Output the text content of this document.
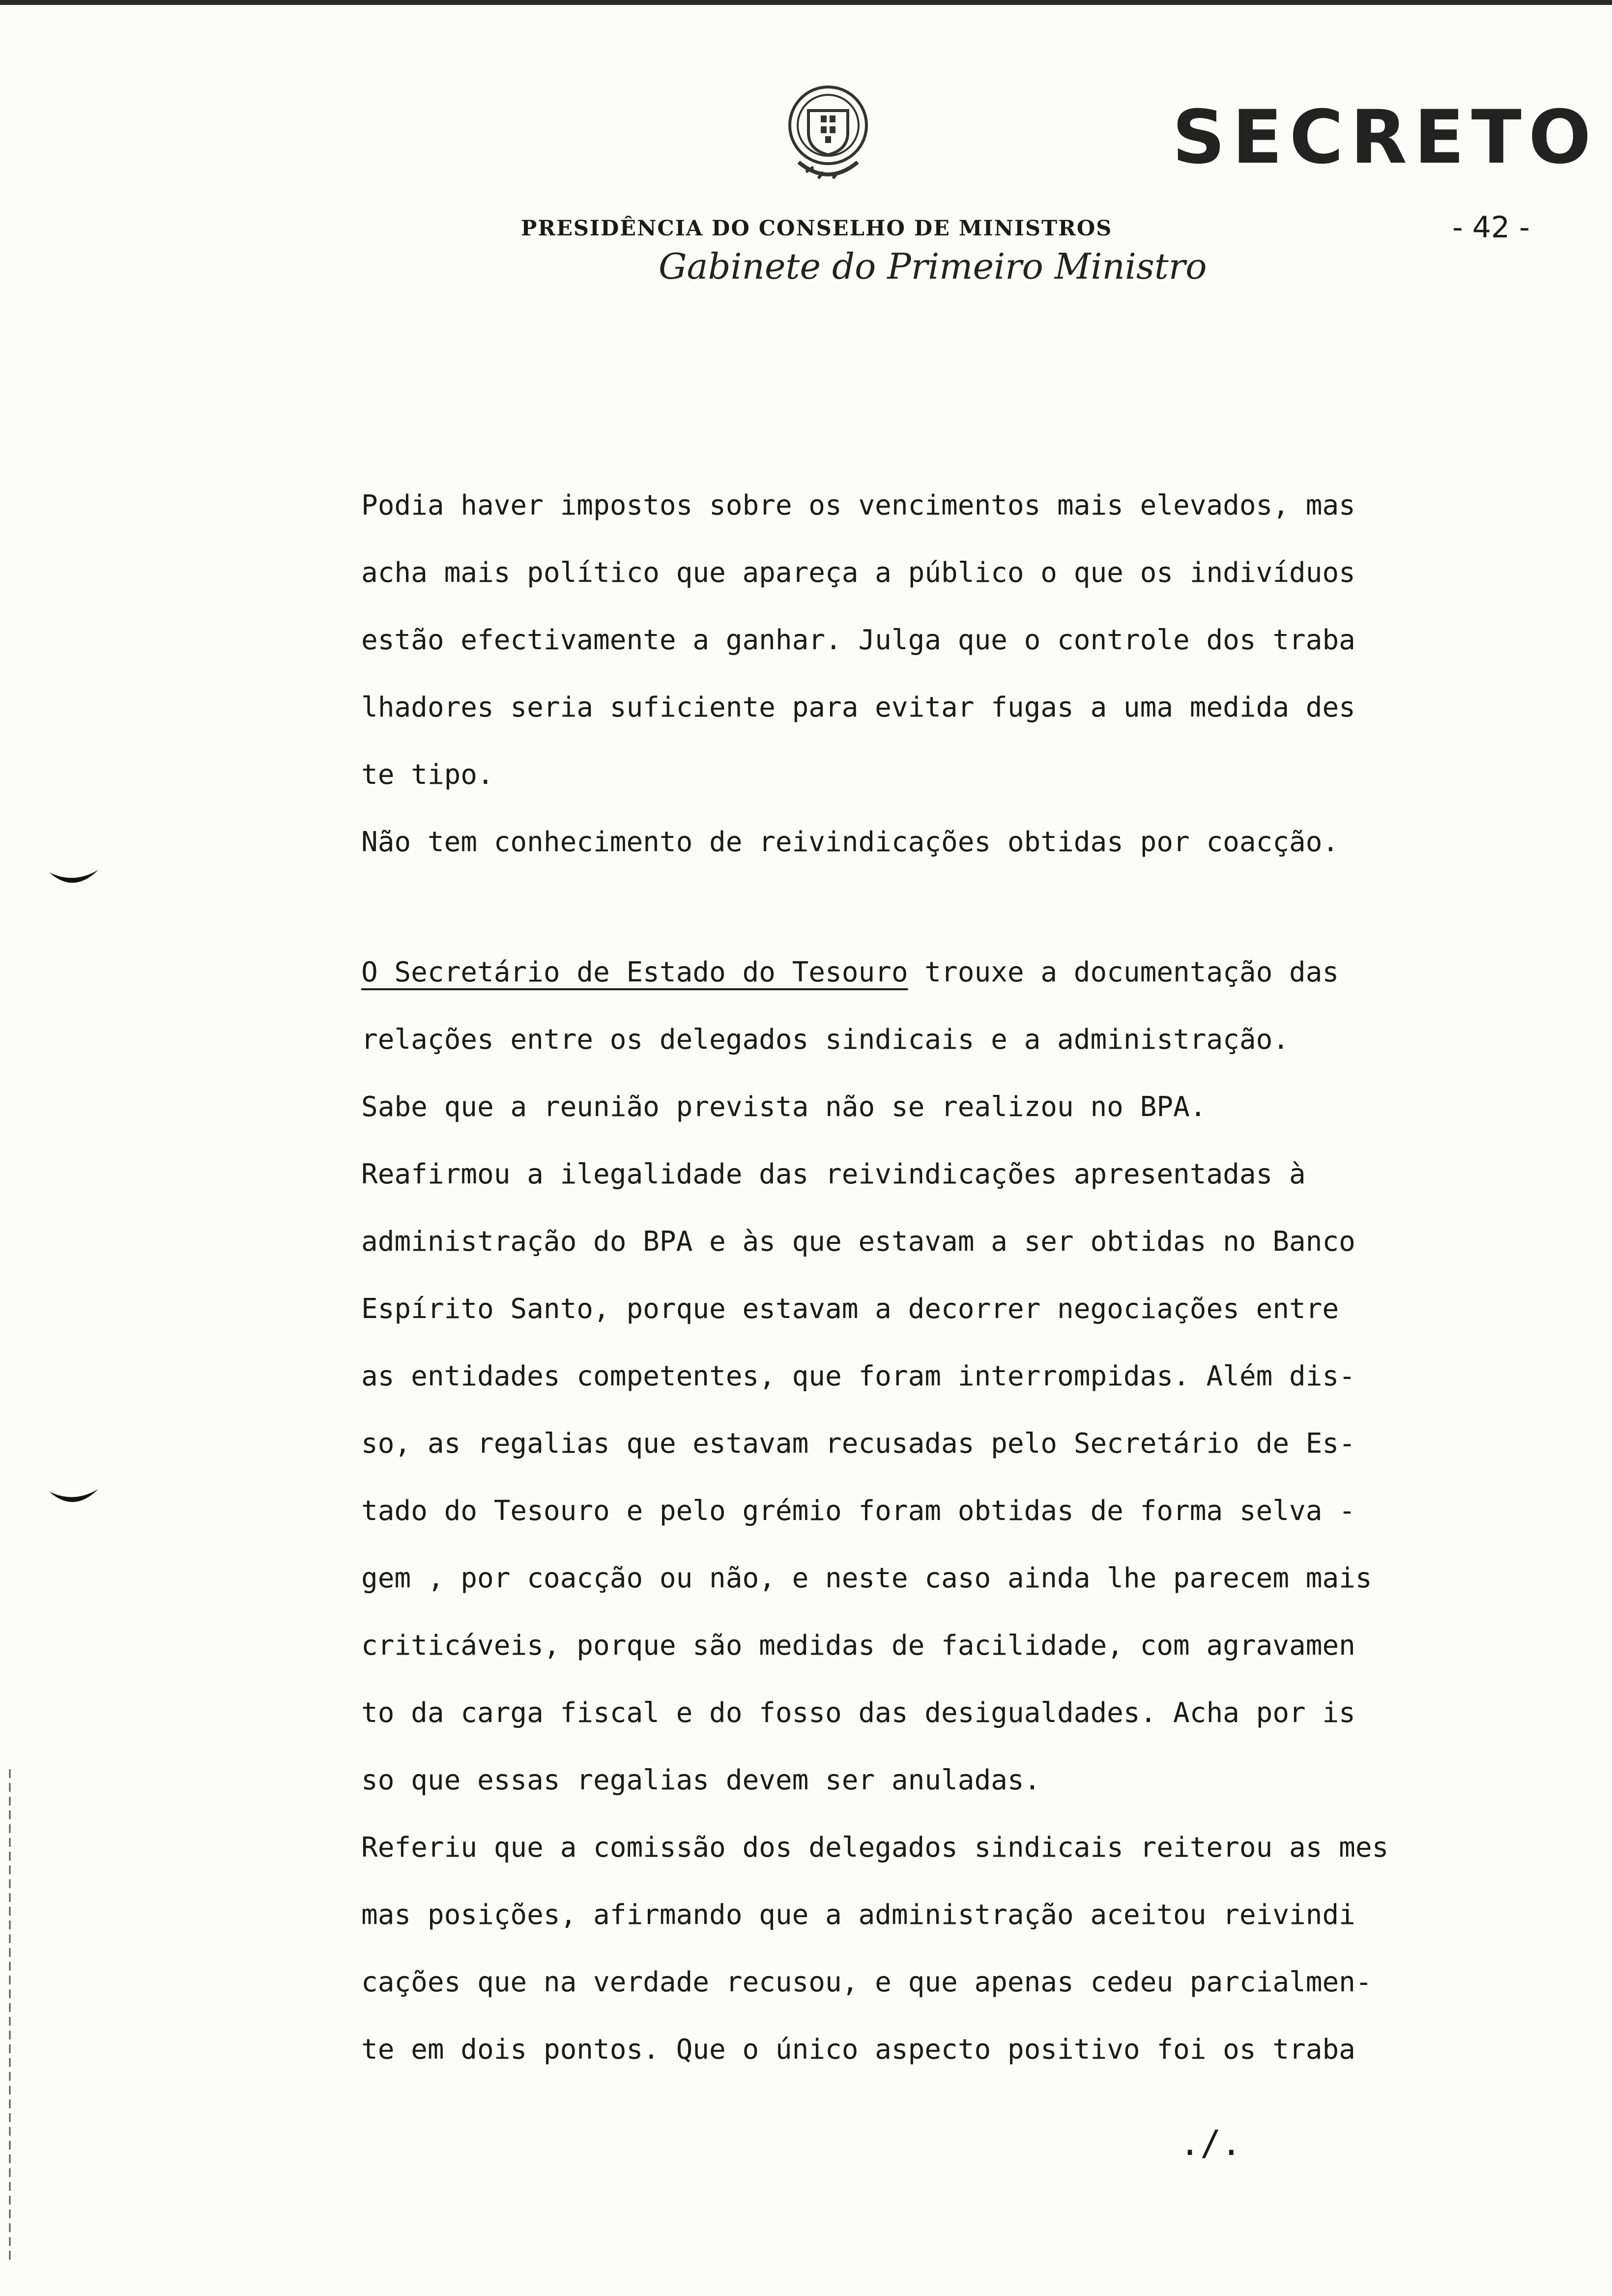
SECRETO
PRESIDÊNCIA DO CONSELHO DE MINISTROS	- 42 -
Gabinete do Primeiro Ministro

Podia haver impostos sobre os vencimentos mais elevados, mas

acha mais político que apareça a público o que os indivíduos

estão efectivamente a ganhar. Julga que o controle dos traba

lhadores seria suficiente para evitar fugas a uma medida des

te tipo.

Não tem conhecimento de reivindicações obtidas por coacção.

O Secretário de Estado do Tesouro trouxe a documentação das

relações entre os delegados sindicais e a administração.

Sabe que a reunião prevista não se realizou no BPA.

Reafirmou a ilegalidade das reivindicações apresentadas à

administração do BPA e às que estavam a ser obtidas no Banco

Espírito Santo, porque estavam a decorrer negociações entre

as entidades competentes, que foram interrompidas. Além dis-

so, as regalias que estavam recusadas pelo Secretário de Es-

tado do Tesouro e pelo grémio foram obtidas de forma selva -

gem , por coacção ou não, e neste caso ainda lhe parecem mais

criticáveis, porque são medidas de facilidade, com agravamen

to da carga fiscal e do fosso das desigualdades. Acha por is

so que essas regalias devem ser anuladas.

Referiu que a comissão dos delegados sindicais reiterou as mes

mas posições, afirmando que a administração aceitou reivindi

cações que na verdade recusou, e que apenas cedeu parcialmen-

te em dois pontos. Que o único aspecto positivo foi os traba

./.
